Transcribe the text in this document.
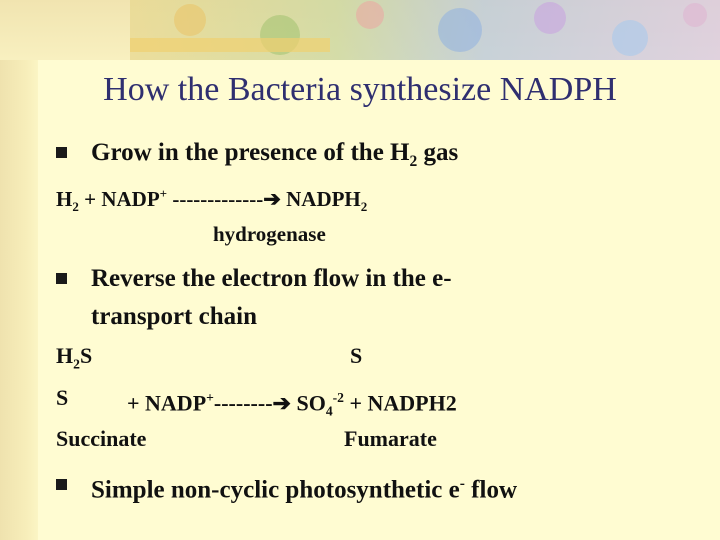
How the Bacteria synthesize NADPH
Grow in the presence of the $H_2$ gas
$H_2$ + NADP+ -------------➔ $NADPH_2$
hydrogenase
Reverse the electron flow in the e-
transport chain
$H_2S$	S
S	+ NADP+--------➔ $SO_4^{-2}$ + NADPH2
Succinate	Fumarate
Simple non-cyclic photosynthetic e- flow
